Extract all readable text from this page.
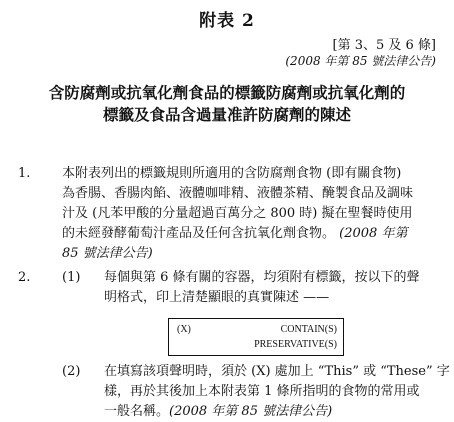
附表 2
[第 3、5 及 6 條]
(2008 年第 85 號法律公告)
含防腐劑或抗氧化劑食品的標籤防腐劑或抗氧化劑的
標籤及食品含過量准許防腐劑的陳述
1. 本附表列出的標籤規則所適用的含防腐劑食物 (即有關食物)
為香腸、香腸肉餡、液體咖啡精、液體茶精、醃製食品及調味
汁及 (凡苯甲酸的分量超過百萬分之 800 時) 擬在聖餐時使用
的未經發酵葡萄汁產品及任何含抗氧化劑食物。 (2008 年第
85 號法律公告)
2. (1) 每個與第 6 條有關的容器，均須附有標籤，按以下的聲
明格式，印上清楚顯眼的真實陳述 ——
(X)	CONTAIN(S)
PRESERVATIVE(S)
(2) 在填寫該項聲明時，須於 (X) 處加上 “This” 或 “These” 字
樣，再於其後加上本附表第 1 條所指明的食物的常用或
一般名稱。(2008 年第 85 號法律公告)
